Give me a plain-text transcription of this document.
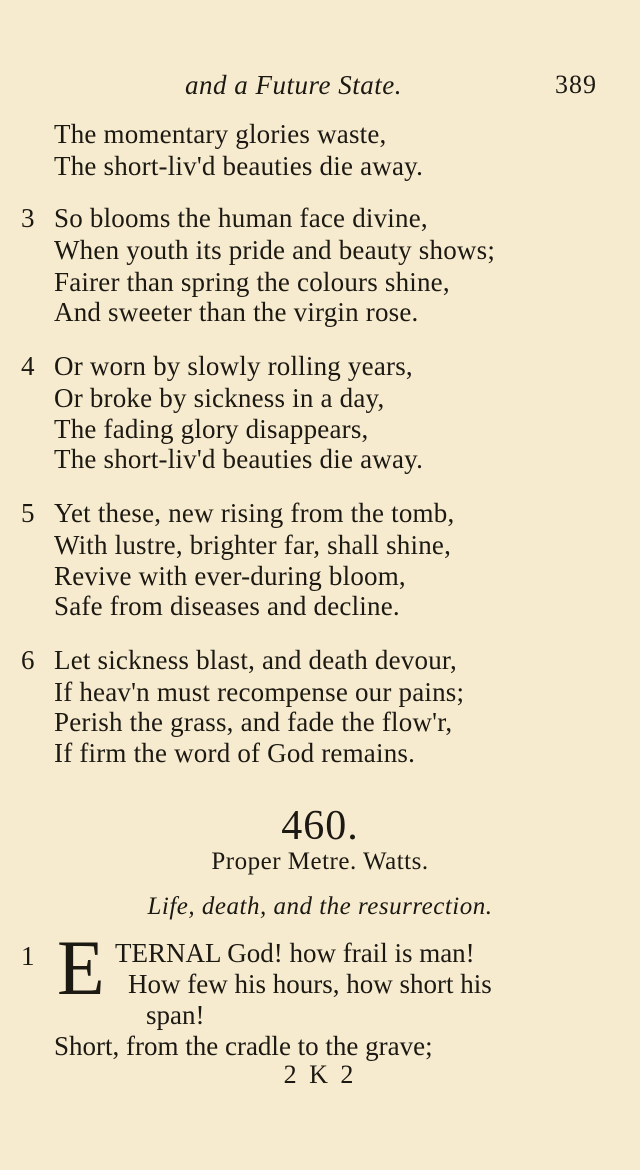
and a Future State.	389
The momentary glories waste,
The short-liv'd beauties die away.
3 So blooms the human face divine,
When youth its pride and beauty shows;
Fairer than spring the colours shine,
And sweeter than the virgin rose.
4 Or worn by slowly rolling years,
Or broke by sickness in a day,
The fading glory disappears,
The short-liv'd beauties die away.
5 Yet these, new rising from the tomb,
With lustre, brighter far, shall shine,
Revive with ever-during bloom,
Safe from diseases and decline.
6 Let sickness blast, and death devour,
If heav'n must recompense our pains;
Perish the grass, and fade the flow'r,
If firm the word of God remains.
460.
Proper Metre. Watts.
Life, death, and the resurrection.
1 E TERNAL God! how frail is man!
How few his hours, how short his
span!
Short, from the cradle to the grave;
2 K 2
